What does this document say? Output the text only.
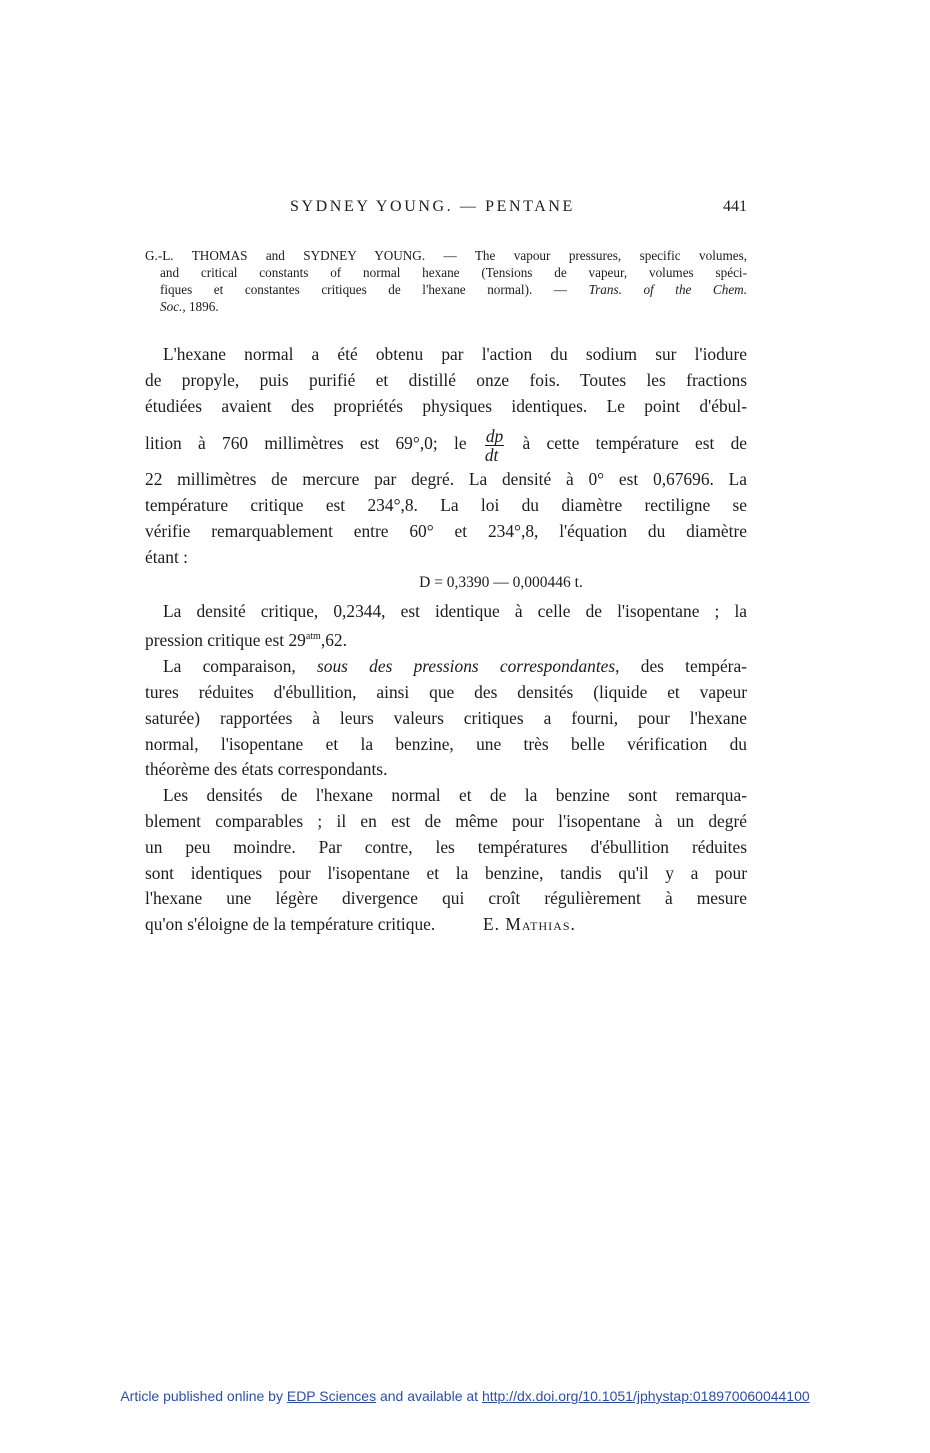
SYDNEY YOUNG. — PENTANE	441
G.-L. THOMAS and SYDNEY YOUNG. — The vapour pressures, specific volumes,
and critical constants of normal hexane (Tensions de vapeur, volumes spéci-
fiques et constantes critiques de l'hexane normal). — Trans. of the Chem.
Soc., 1896.
L'hexane normal a été obtenu par l'action du sodium sur l'iodure
de propyle, puis purifié et distillé onze fois. Toutes les fractions
étudiées avaient des propriétés physiques identiques. Le point d'ébul-
lition à 760 millimètres est 69°,0; le $\frac{dp}{dt}$ à cette température est de
22 millimètres de mercure par degré. La densité à 0° est 0,67696. La
température critique est 234°,8. La loi du diamètre rectiligne se
vérifie remarquablement entre 60° et 234°,8, l'équation du diamètre
étant :
D = 0,3390 — 0,000446 t.
La densité critique, 0,2344, est identique à celle de l'isopentane ; la
pression critique est $29^{atm},62$.
La comparaison, sous des pressions correspondantes, des tempéra-
tures réduites d'ébullition, ainsi que des densités (liquide et vapeur
saturée) rapportées à leurs valeurs critiques a fourni, pour l'hexane
normal, l'isopentane et la benzine, une très belle vérification du
théorème des états correspondants.
Les densités de l'hexane normal et de la benzine sont remarqua-
blement comparables ; il en est de même pour l'isopentane à un degré
un peu moindre. Par contre, les températures d'ébullition réduites
sont identiques pour l'isopentane et la benzine, tandis qu'il y a pour
l'hexane une légère divergence qui croît régulièrement à mesure
qu'on s'éloigne de la température critique.	E. Mathias.
Article published online by EDP Sciences and available at http://dx.doi.org/10.1051/jphystap:018970060044100
